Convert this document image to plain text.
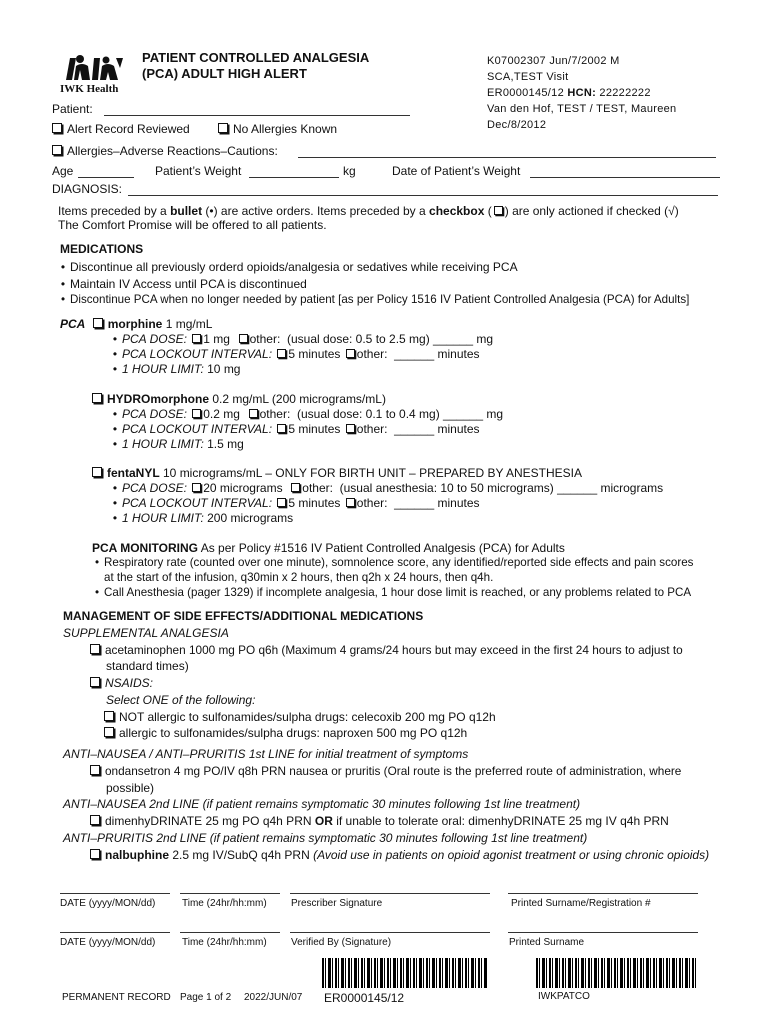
IWK Health
PATIENT CONTROLLED ANALGESIA
(PCA) ADULT HIGH ALERT
K07002307 Jun/7/2002 M
SCA,TEST Visit
ER0000145/12 HCN: 22222222
Van den Hof, TEST / TEST, Maureen
Dec/8/2012
Patient:
Alert Record Reviewed	No Allergies Known
Allergies–Adverse Reactions–Cautions:
Age	Patient’s Weight	kg	Date of Patient’s Weight
DIAGNOSIS:
Items preceded by a bullet (•) are active orders. Items preceded by a checkbox ( ) are only actioned if checked (√)
The Comfort Promise will be offered to all patients.
MEDICATIONS
• Discontinue all previously orderd opioids/analgesia or sedatives while receiving PCA
• Maintain IV Access until PCA is discontinued
• Discontinue PCA when no longer needed by patient [as per Policy 1516 IV Patient Controlled Analgesia (PCA) for Adults]
PCA morphine 1 mg/mL
• PCA DOSE: 1 mg other: (usual dose: 0.5 to 2.5 mg) ______ mg
• PCA LOCKOUT INTERVAL: 5 minutes other: ______ minutes
• 1 HOUR LIMIT: 10 mg
HYDROmorphone 0.2 mg/mL (200 micrograms/mL)
• PCA DOSE: 0.2 mg other: (usual dose: 0.1 to 0.4 mg) ______ mg
• PCA LOCKOUT INTERVAL: 5 minutes other: ______ minutes
• 1 HOUR LIMIT: 1.5 mg
fentaNYL 10 micrograms/mL – ONLY FOR BIRTH UNIT – PREPARED BY ANESTHESIA
• PCA DOSE: 20 micrograms other: (usual anesthesia: 10 to 50 micrograms) ______ micrograms
• PCA LOCKOUT INTERVAL: 5 minutes other: ______ minutes
• 1 HOUR LIMIT: 200 micrograms
PCA MONITORING As per Policy #1516 IV Patient Controlled Analgesis (PCA) for Adults
• Respiratory rate (counted over one minute), somnolence score, any identified/reported side effects and pain scores
at the start of the infusion, q30min x 2 hours, then q2h x 24 hours, then q4h.
• Call Anesthesia (pager 1329) if incomplete analgesia, 1 hour dose limit is reached, or any problems related to PCA
MANAGEMENT OF SIDE EFFECTS/ADDITIONAL MEDICATIONS
SUPPLEMENTAL ANALGESIA
acetaminophen 1000 mg PO q6h (Maximum 4 grams/24 hours but may exceed in the first 24 hours to adjust to
standard times)
NSAIDS:
Select ONE of the following:
NOT allergic to sulfonamides/sulpha drugs: celecoxib 200 mg PO q12h
allergic to sulfonamides/sulpha drugs: naproxen 500 mg PO q12h
ANTI–NAUSEA / ANTI–PRURITIS 1st LINE for initial treatment of symptoms
ondansetron 4 mg PO/IV q8h PRN nausea or pruritis (Oral route is the preferred route of administration, where
possible)
ANTI–NAUSEA 2nd LINE (if patient remains symptomatic 30 minutes following 1st line treatment)
dimenhyDRINATE 25 mg PO q4h PRN OR if unable to tolerate oral: dimenhyDRINATE 25 mg IV q4h PRN
ANTI–PRURITIS 2nd LINE (if patient remains symptomatic 30 minutes following 1st line treatment)
nalbuphine 2.5 mg IV/SubQ q4h PRN (Avoid use in patients on opioid agonist treatment or using chronic opioids)
DATE (yyyy/MON/dd)	Time (24hr/hh:mm) Prescriber Signature	Printed Surname/Registration #
DATE (yyyy/MON/dd)	Time (24hr/hh:mm) Verified By (Signature)	Printed Surname
PERMANENT RECORD Page 1 of 2 2022/JUN/07 ER0000145/12	IWKPATCO
